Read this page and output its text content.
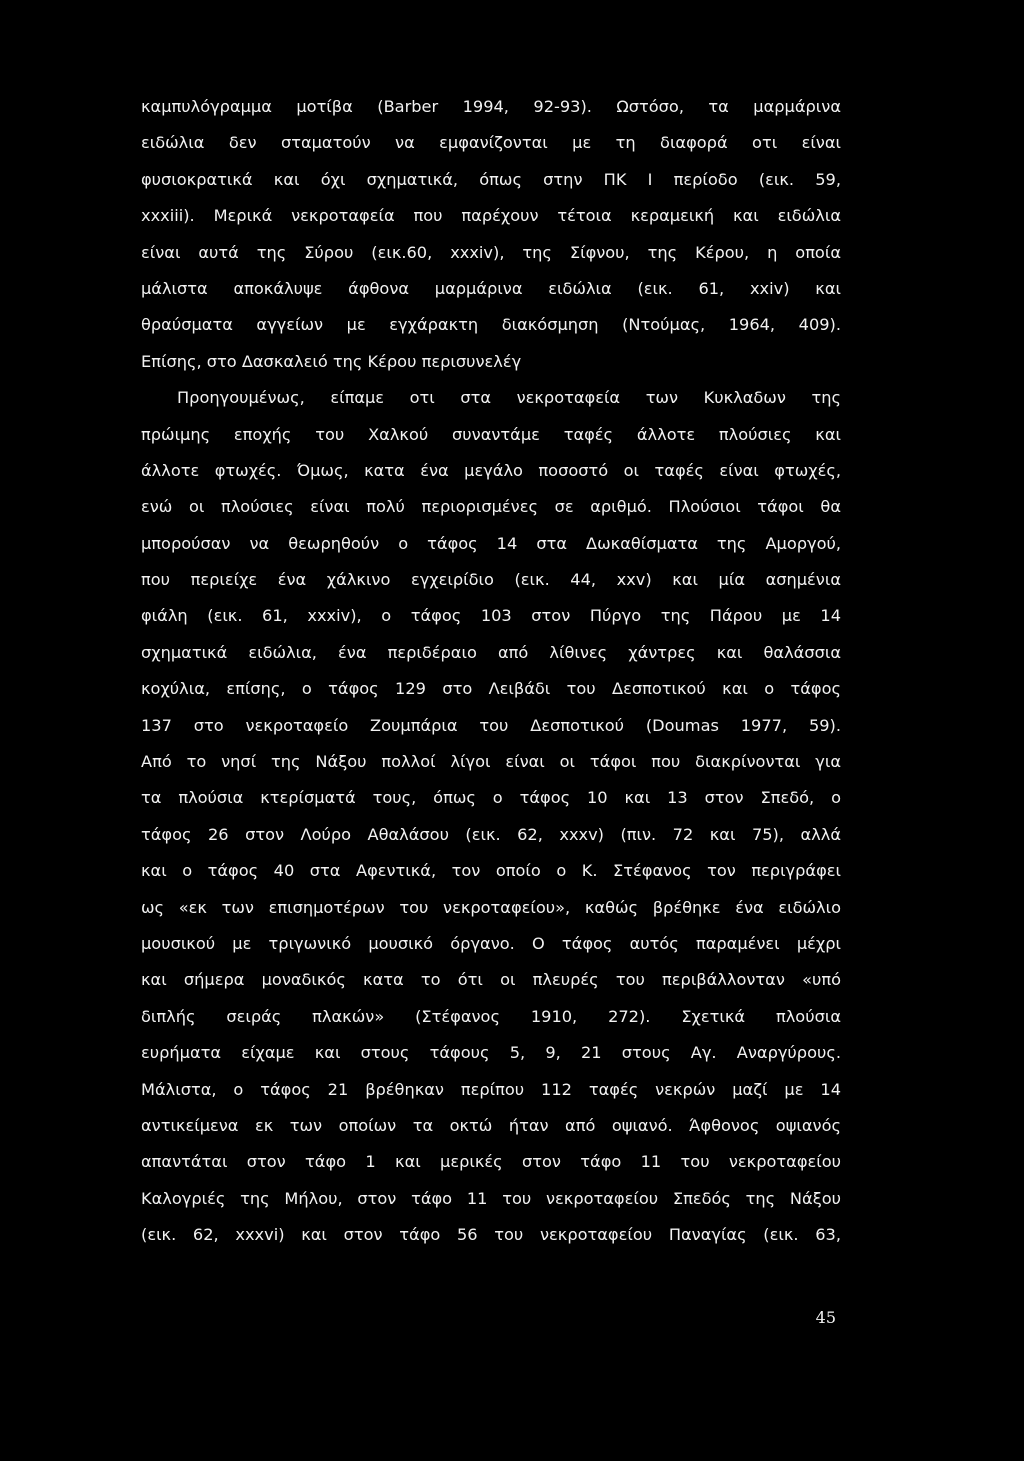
καμπυλόγραμμα μοτίβα (Barber 1994, 92-93). Ωστόσο, τα μαρμάρινα
ειδώλια δεν σταματούν να εμφανίζονται με τη διαφορά οτι είναι
φυσιοκρατικά και όχι σχηματικά, όπως στην ΠΚ Ι περίοδο (εικ. 59,
xxxiii). Μερικά νεκροταφεία που παρέχουν τέτοια κεραμεική και ειδώλια
είναι αυτά της Σύρου (εικ.60, xxxiv), της Σίφνου, της Κέρου, η οποία
μάλιστα αποκάλυψε άφθονα μαρμάρινα ειδώλια (εικ. 61, xxiv) και
θραύσματα αγγείων με εγχάρακτη διακόσμηση (Ντούμας, 1964, 409).
Επίσης, στο Δασκαλειό της Κέρου περισυνελέγ
Προηγουμένως, είπαμε οτι στα νεκροταφεία των Κυκλαδων της
πρώιμης εποχής του Χαλκού συναντάμε ταφές άλλοτε πλούσιες και
άλλοτε φτωχές. Όμως, κατα ένα μεγάλο ποσοστό οι ταφές είναι φτωχές,
ενώ οι πλούσιες είναι πολύ περιορισμένες σε αριθμό. Πλούσιοι τάφοι θα
μπορούσαν να θεωρηθούν ο τάφος 14 στα Δωκαθίσματα της Αμοργού,
που περιείχε ένα χάλκινο εγχειρίδιο (εικ. 44, xxv) και μία ασημένια
φιάλη (εικ. 61, xxxiv), ο τάφος 103 στον Πύργο της Πάρου με 14
σχηματικά ειδώλια, ένα περιδέραιο από λίθινες χάντρες και θαλάσσια
κοχύλια, επίσης, ο τάφος 129 στο Λειβάδι του Δεσποτικού και ο τάφος
137 στο νεκροταφείο Ζουμπάρια του Δεσποτικού (Doumas 1977, 59).
Από το νησί της Νάξου πολλοί λίγοι είναι οι τάφοι που διακρίνονται για
τα πλούσια κτερίσματά τους, όπως ο τάφος 10 και 13 στον Σπεδό, ο
τάφος 26 στον Λούρο Αθαλάσου (εικ. 62, xxxv) (πιν. 72 και 75), αλλά
και ο τάφος 40 στα Αφεντικά, τον οποίο ο Κ. Στέφανος τον περιγράφει
ως «εκ των επισημοτέρων του νεκροταφείου», καθώς βρέθηκε ένα ειδώλιο
μουσικού με τριγωνικό μουσικό όργανο. Ο τάφος αυτός παραμένει μέχρι
και σήμερα μοναδικός κατα το ότι οι πλευρές του περιβάλλονταν «υπό
διπλής σειράς πλακών» (Στέφανος 1910, 272). Σχετικά πλούσια
ευρήματα είχαμε και στους τάφους 5, 9, 21 στους Αγ. Αναργύρους.
Μάλιστα, ο τάφος 21 βρέθηκαν περίπου 112 ταφές νεκρών μαζί με 14
αντικείμενα εκ των οποίων τα οκτώ ήταν από οψιανό. Άφθονος οψιανός
απαντάται στον τάφο 1 και μερικές στον τάφο 11 του νεκροταφείου
Καλογριές της Μήλου, στον τάφο 11 του νεκροταφείου Σπεδός της Νάξου
(εικ. 62, xxxvi) και στον τάφο 56 του νεκροταφείου Παναγίας (εικ. 63,
45
